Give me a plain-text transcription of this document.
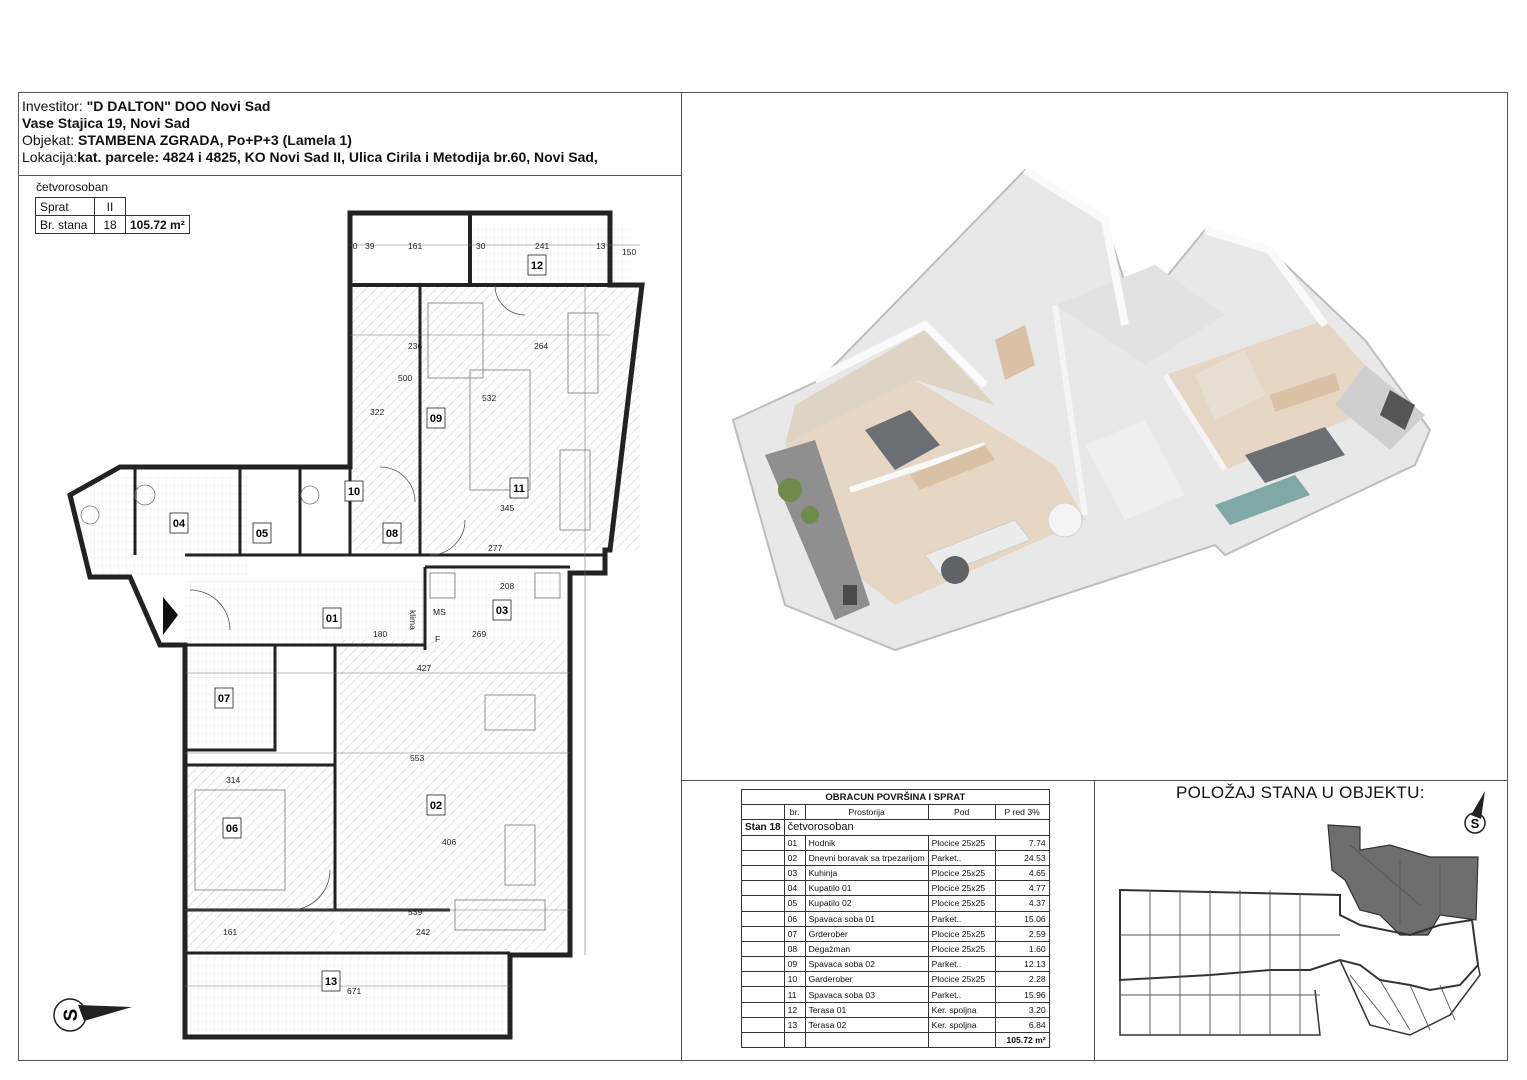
Investitor: "D DALTON" DOO Novi Sad
Vase Stajica 19, Novi Sad
Objekat: STAMBENA ZGRADA, Po+P+3 (Lamela 1)
Lokacija:kat. parcele: 4824 i 4825, KO Novi Sad II, Ulica Cirila i Metodija br.60, Novi Sad,
četvorosoban
Sprat	II	
Br. stana	18	105.72 m²
01
02
03
04
05
06
07
08
09
10	11
12
13
30 39	161	30	241	13
150
236	264
500
532
322
345
277
208
269
180
427
553
314
406
539
671
242
161
MS
F
klima
S
OBRACUN POVRŠINA I SPRAT				
	br.	Prostorija	Pod	P red 3%
Stan 18	četvorosoban			
	01	Hodnik	Plocice 25x25	7.74
	02	Dnevni boravak sa trpezarijom	Parket..	24.53
	03	Kuhinja	Plocice 25x25	4.65
	04	Kupatilo 01	Plocice 25x25	4.77
	05	Kupatilo 02	Plocice 25x25	4.37
	06	Spavaca soba 01	Parket..	15.06
	07	Grderober	Plocice 25x25	2.59
	08	Degažman	Plocice 25x25	1.60
	09	Spavaca soba 02	Parket..	12.13
	10	Garderober	Plocice 25x25	2.28
	11	Spavaca soba 03	Parket..	15.96
	12	Terasa 01	Ker. spoljna	3.20
	13	Terasa 02	Ker. spoljna	6.84
				105.72 m²
POLOŽAJ STANA U OBJEKTU:
S
